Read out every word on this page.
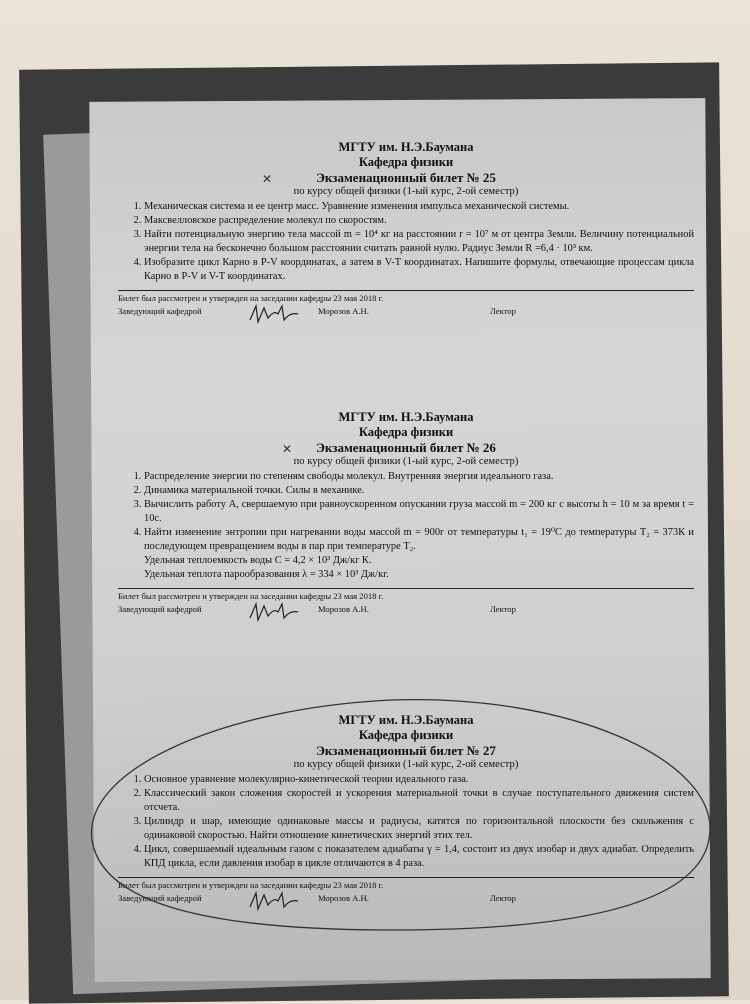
МГТУ им. Н.Э.Баумана
Кафедра физики
Экзаменационный билет № 25
по курсу общей физики (1-ый курс, 2-ой семестр)
1. Механическая система и ее центр масс. Уравнение изменения импульса механической системы.
2. Максвелловское распределение молекул по скоростям.
3. Найти потенциальную энергию тела массой m = 10⁴ кг на расстоянии r = 10⁷ м от центра Земли. Величину потенциальной энергии тела на бесконечно большом расстоянии считать равной нулю. Радиус Земли R =6,4 · 10³ км.
4. Изобразите цикл Карно в P-V координатах, а затем в V-T координатах. Напишите формулы, отвечающие процессам цикла Карно в P-V и V-T координатах.
Билет был рассмотрен и утвержден на заседании кафедры 23 мая 2018 г.
Заведующий кафедрой	Морозов А.Н.	Лектор
МГТУ им. Н.Э.Баумана
Кафедра физики
Экзаменационный билет № 26
по курсу общей физики (1-ый курс, 2-ой семестр)
1. Распределение энергии по степеням свободы молекул. Внутренняя энергия идеального газа.
2. Динамика материальной точки. Силы в механике.
3. Вычислить работу A, свершаемую при равноускоренном опускании груза массой m = 200 кг с высоты h = 10 м за время t = 10с.
4. Найти изменение энтропии при нагревании воды массой m = 900г от температуры t₁ = 19⁰С до температуры T₂ = 373К и последующем превращением воды в пар при температуре T₂.
Удельная теплоемкость воды C = 4,2 × 10³ Дж/кг К.
Удельная теплота парообразования λ = 334 × 10³ Дж/кг.
Билет был рассмотрен и утвержден на заседании кафедры 23 мая 2018 г.
Заведующий кафедрой	Морозов А.Н.	Лектор
МГТУ им. Н.Э.Баумана
Кафедра физики
Экзаменационный билет № 27
по курсу общей физики (1-ый курс, 2-ой семестр)
1. Основное уравнение молекулярно-кинетической теории идеального газа.
2. Классический закон сложения скоростей и ускорения материальной точки в случае поступательного движения систем отсчета.
3. Цилиндр и шар, имеющие одинаковые массы и радиусы, катятся по горизонтальной плоскости без скольжения с одинаковой скоростью. Найти отношение кинетических энергий этих тел.
4. Цикл, совершаемый идеальным газом с показателем адиабаты γ = 1,4, состоит из двух изобар и двух адиабат. Определить КПД цикла, если давления изобар в цикле отличаются в 4 раза.
Билет был рассмотрен и утвержден на заседании кафедры 23 мая 2018 г.
Заведующий кафедрой	Морозов А.Н.	Лектор
✕
✕
